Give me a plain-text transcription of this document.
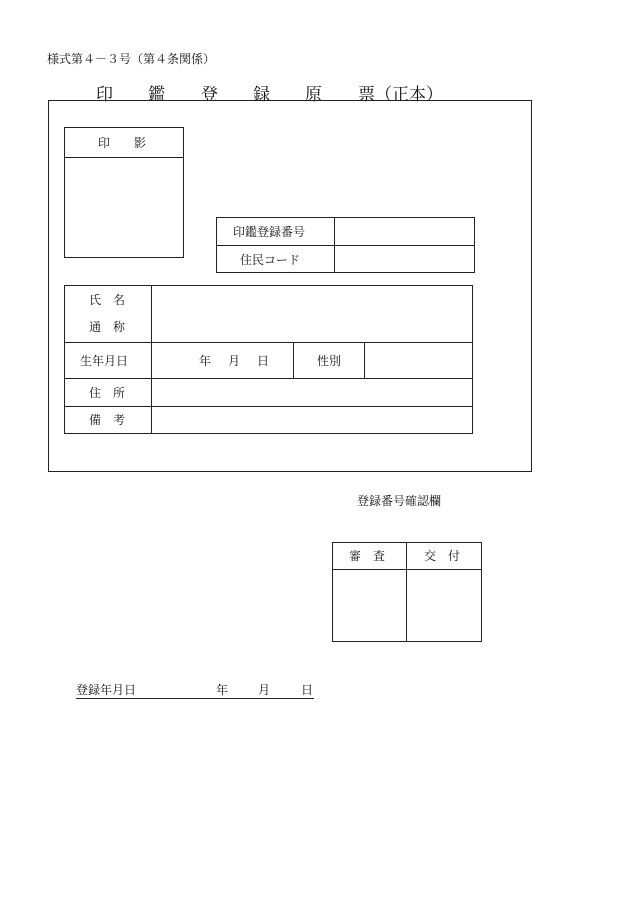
様式第４－３号（第４条関係）
印 鑑 登 録 原 票（正本）
印　　影
印鑑登録番号
住民コード
氏　名
通　称
生年月日	年 月 日	性別
住　所
備　考
登録番号確認欄
審　査	交　付
登録年月日	年 月	日
